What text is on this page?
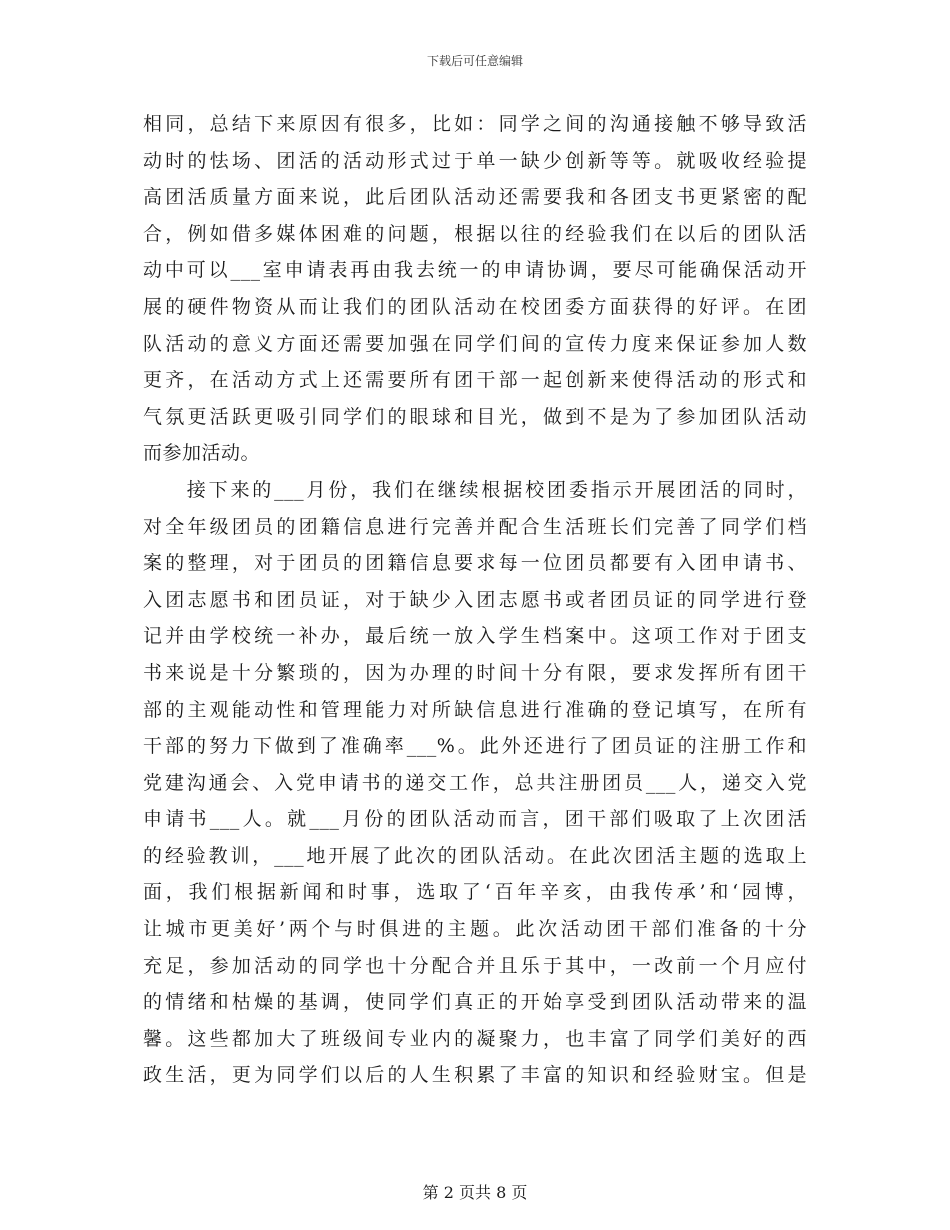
下载后可任意编辑
相同，总结下来原因有很多，比如：同学之间的沟通接触不够导致活
动时的怯场、团活的活动形式过于单一缺少创新等等。就吸收经验提
高团活质量方面来说，此后团队活动还需要我和各团支书更紧密的配
合，例如借多媒体困难的问题，根据以往的经验我们在以后的团队活
动中可以___室申请表再由我去统一的申请协调，要尽可能确保活动开
展的硬件物资从而让我们的团队活动在校团委方面获得的好评。在团
队活动的意义方面还需要加强在同学们间的宣传力度来保证参加人数
更齐，在活动方式上还需要所有团干部一起创新来使得活动的形式和
气氛更活跃更吸引同学们的眼球和目光，做到不是为了参加团队活动
而参加活动。
　　接下来的___月份，我们在继续根据校团委指示开展团活的同时，
对全年级团员的团籍信息进行完善并配合生活班长们完善了同学们档
案的整理，对于团员的团籍信息要求每一位团员都要有入团申请书、
入团志愿书和团员证，对于缺少入团志愿书或者团员证的同学进行登
记并由学校统一补办，最后统一放入学生档案中。这项工作对于团支
书来说是十分繁琐的，因为办理的时间十分有限，要求发挥所有团干
部的主观能动性和管理能力对所缺信息进行准确的登记填写，在所有
干部的努力下做到了准确率___%。此外还进行了团员证的注册工作和
党建沟通会、入党申请书的递交工作，总共注册团员___人，递交入党
申请书___人。就___月份的团队活动而言，团干部们吸取了上次团活
的经验教训，___地开展了此次的团队活动。在此次团活主题的选取上
面，我们根据新闻和时事，选取了‘百年辛亥，由我传承’和‘园博，
让城市更美好’两个与时俱进的主题。此次活动团干部们准备的十分
充足，参加活动的同学也十分配合并且乐于其中，一改前一个月应付
的情绪和枯燥的基调，使同学们真正的开始享受到团队活动带来的温
馨。这些都加大了班级间专业内的凝聚力，也丰富了同学们美好的西
政生活，更为同学们以后的人生积累了丰富的知识和经验财宝。但是
第 2 页共 8 页
